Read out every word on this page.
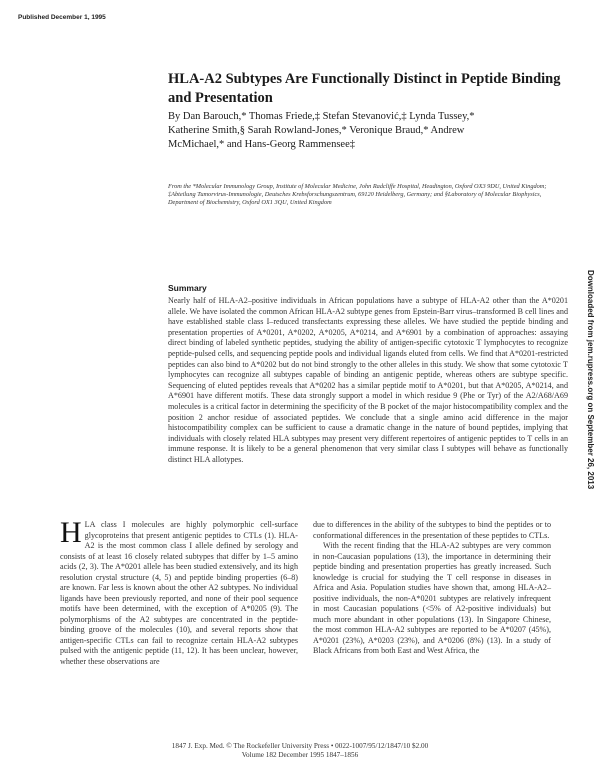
Published December 1, 1995
HLA-A2 Subtypes Are Functionally Distinct in Peptide Binding and Presentation
By Dan Barouch,* Thomas Friede,‡ Stefan Stevanović,‡ Lynda Tussey,* Katherine Smith,§ Sarah Rowland-Jones,* Veronique Braud,* Andrew McMichael,* and Hans-Georg Rammensee‡
From the *Molecular Immunology Group, Institute of Molecular Medicine, John Radcliffe Hospital, Headington, Oxford OX3 9DU, United Kingdom; ‡Abteilung Tumorvirus-Immunologie, Deutsches Krebsforschungszentrum, 69120 Heidelberg, Germany; and §Laboratory of Molecular Biophysics, Department of Biochemistry, Oxford OX1 3QU, United Kingdom
Summary
Nearly half of HLA-A2–positive individuals in African populations have a subtype of HLA-A2 other than the A*0201 allele. We have isolated the common African HLA-A2 subtype genes from Epstein-Barr virus–transformed B cell lines and have established stable class I–reduced transfectants expressing these alleles. We have studied the peptide binding and presentation properties of A*0201, A*0202, A*0205, A*0214, and A*6901 by a combination of approaches: assaying direct binding of labeled synthetic peptides, studying the ability of antigen-specific cytotoxic T lymphocytes to recognize peptide-pulsed cells, and sequencing peptide pools and individual ligands eluted from cells. We find that A*0201-restricted peptides can also bind to A*0202 but do not bind strongly to the other alleles in this study. We show that some cytotoxic T lymphocytes can recognize all subtypes capable of binding an antigenic peptide, whereas others are subtype specific. Sequencing of eluted peptides reveals that A*0202 has a similar peptide motif to A*0201, but that A*0205, A*0214, and A*6901 have different motifs. These data strongly support a model in which residue 9 (Phe or Tyr) of the A2/A68/A69 molecules is a critical factor in determining the specificity of the B pocket of the major histocompatibility complex and the position 2 anchor residue of associated peptides. We conclude that a single amino acid difference in the major histocompatibility complex can be sufficient to cause a dramatic change in the nature of bound peptides, implying that individuals with closely related HLA subtypes may present very different repertoires of antigenic peptides to T cells in an immune response. It is likely to be a general phenomenon that very similar class I subtypes will behave as functionally distinct HLA allotypes.	Downloaded from jem.rupress.org on September 26, 2013

H LA class I molecules are highly polymorphic cell-surface glycoproteins that present antigenic peptides to CTLs (1). HLA-A2 is the most common class I allele defined by serology and consists of at least 16 closely related subtypes that differ by 1–5 amino acids (2, 3). The A*0201 allele has been studied extensively, and its high resolution crystal structure (4, 5) and peptide binding properties (6–8) are known. Far less is known about the other A2 subtypes. No individual ligands have been previously reported, and none of their pool sequence motifs have been determined, with the exception of A*0205 (9). The polymorphisms of the A2 subtypes are concentrated in the peptide-binding groove of the molecules (10), and several reports show that antigen-specific CTLs can fail to recognize certain HLA-A2 subtypes pulsed with the antigenic peptide (11, 12). It has been unclear, however, whether these observations are

due to differences in the ability of the subtypes to bind the peptides or to conformational differences in the presentation of these peptides to CTLs.

With the recent finding that the HLA-A2 subtypes are very common in non-Caucasian populations (13), the importance in determining their peptide binding and presentation properties has greatly increased. Such knowledge is crucial for studying the T cell response in diseases in Africa and Asia. Population studies have shown that, among HLA-A2–positive individuals, the non-A*0201 subtypes are relatively infrequent in most Caucasian populations (<5% of A2-positive individuals) but much more abundant in other populations (13). In Singapore Chinese, the most common HLA-A2 subtypes are reported to be A*0207 (45%), A*0201 (23%), A*0203 (23%), and A*0206 (8%) (13). In a study of Black Africans from both East and West Africa, the

1847 J. Exp. Med. © The Rockefeller University Press • 0022-1007/95/12/1847/10 $2.00
Volume 182 December 1995 1847–1856
